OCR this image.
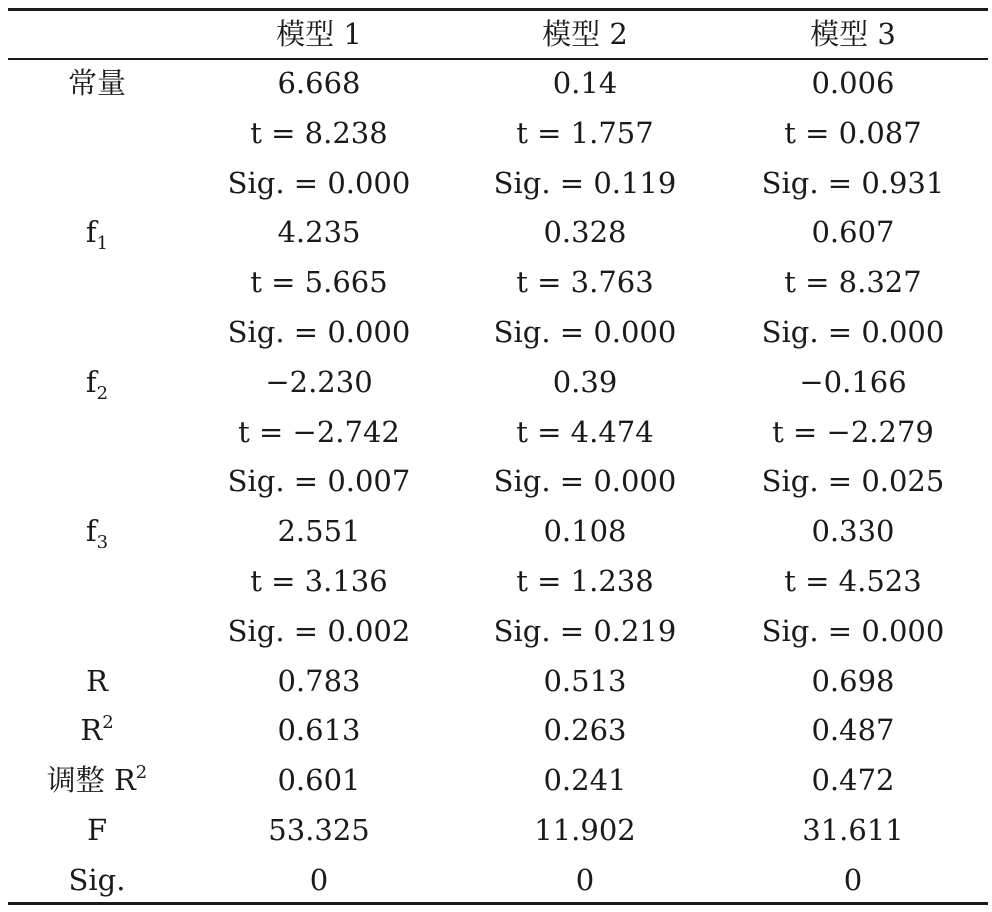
	模型 1	模型 2	模型 3
常量	6.668	0.14	0.006
	t = 8.238	t = 1.757	t = 0.087
	Sig. = 0.000	Sig. = 0.119	Sig. = 0.931
$f_1$	4.235	0.328	0.607
	t = 5.665	t = 3.763	t = 8.327
	Sig. = 0.000	Sig. = 0.000	Sig. = 0.000
$f_2$	−2.230	0.39	−0.166
	t = −2.742	t = 4.474	t = −2.279
	Sig. = 0.007	Sig. = 0.000	Sig. = 0.025
$f_3$	2.551	0.108	0.330
	t = 3.136	t = 1.238	t = 4.523
	Sig. = 0.002	Sig. = 0.219	Sig. = 0.000
R	0.783	0.513	0.698
$R^2$	0.613	0.263	0.487
调整 $R^2$	0.601	0.241	0.472
F	53.325	11.902	31.611
Sig.	0	0	0
